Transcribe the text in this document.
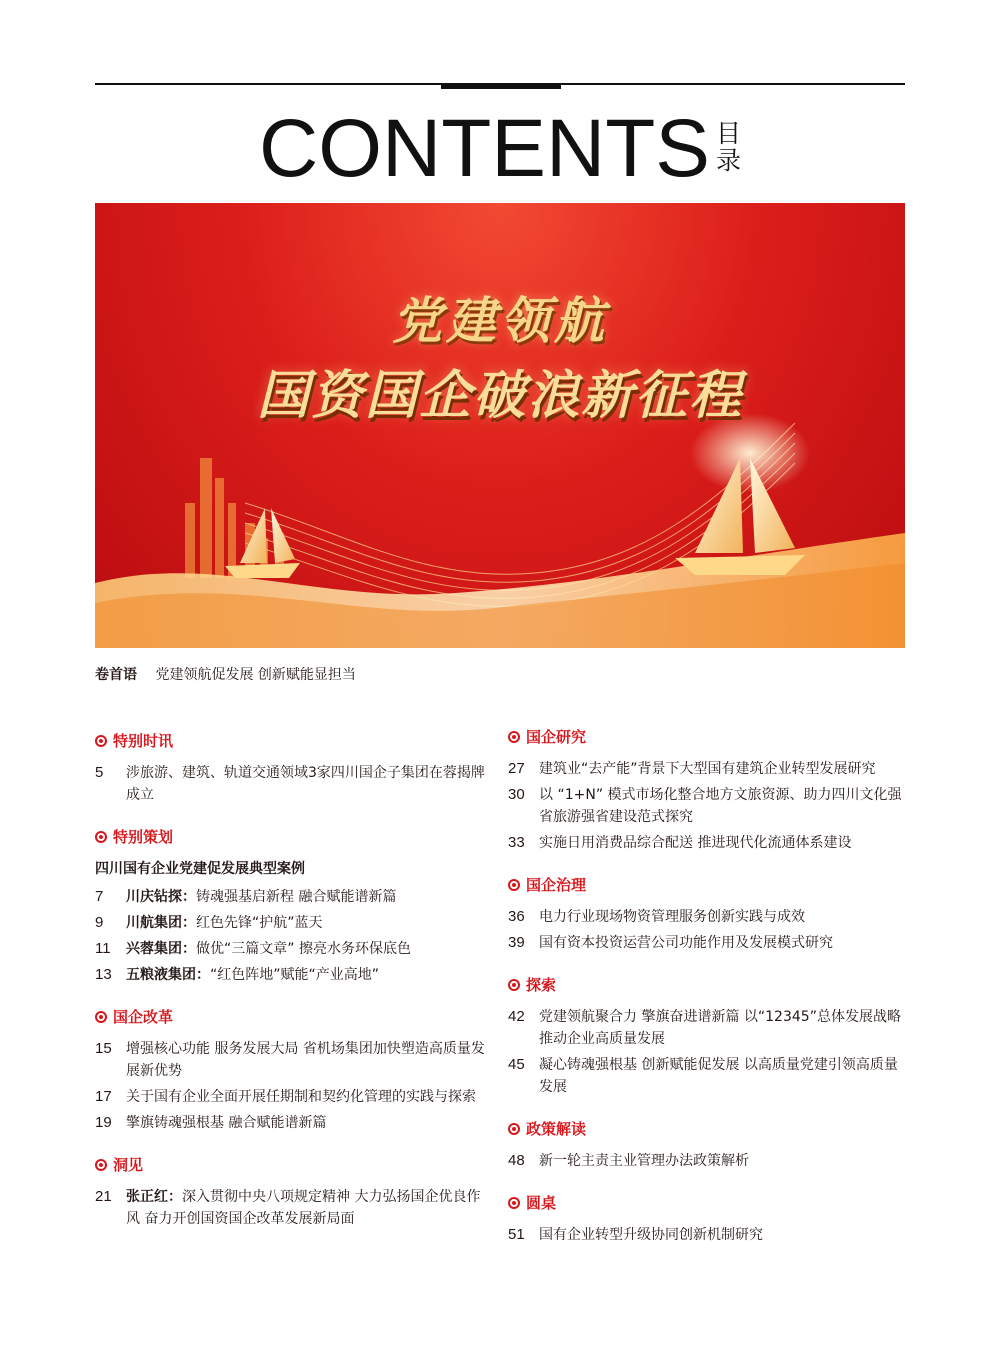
CONTENTS 目
录
党建领航
国资国企破浪新征程
卷首语 党建领航促发展 创新赋能显担当
特别时讯
5	涉旅游、建筑、轨道交通领域3家四川国企子集团在蓉揭牌成立
特别策划
四川国有企业党建促发展典型案例
7	川庆钻探：铸魂强基启新程 融合赋能谱新篇
9	川航集团：红色先锋“护航”蓝天
11	兴蓉集团：做优“三篇文章” 擦亮水务环保底色
13	五粮液集团：“红色阵地”赋能“产业高地”
国企改革
15	增强核心功能 服务发展大局 省机场集团加快塑造高质量发展新优势
17	关于国有企业全面开展任期制和契约化管理的实践与探索
19	擎旗铸魂强根基 融合赋能谱新篇
洞见
21	张正红：深入贯彻中央八项规定精神 大力弘扬国企优良作风 奋力开创国资国企改革发展新局面
国企研究
27	建筑业“去产能”背景下大型国有建筑企业转型发展研究
30	以 “1+N” 模式市场化整合地方文旅资源、助力四川文化强省旅游强省建设范式探究
33	实施日用消费品综合配送 推进现代化流通体系建设
国企治理
36	电力行业现场物资管理服务创新实践与成效
39	国有资本投资运营公司功能作用及发展模式研究
探索
42	党建领航聚合力 擎旗奋进谱新篇 以“12345”总体发展战略推动企业高质量发展
45	凝心铸魂强根基 创新赋能促发展 以高质量党建引领高质量发展
政策解读
48	新一轮主责主业管理办法政策解析
圆桌
51	国有企业转型升级协同创新机制研究
